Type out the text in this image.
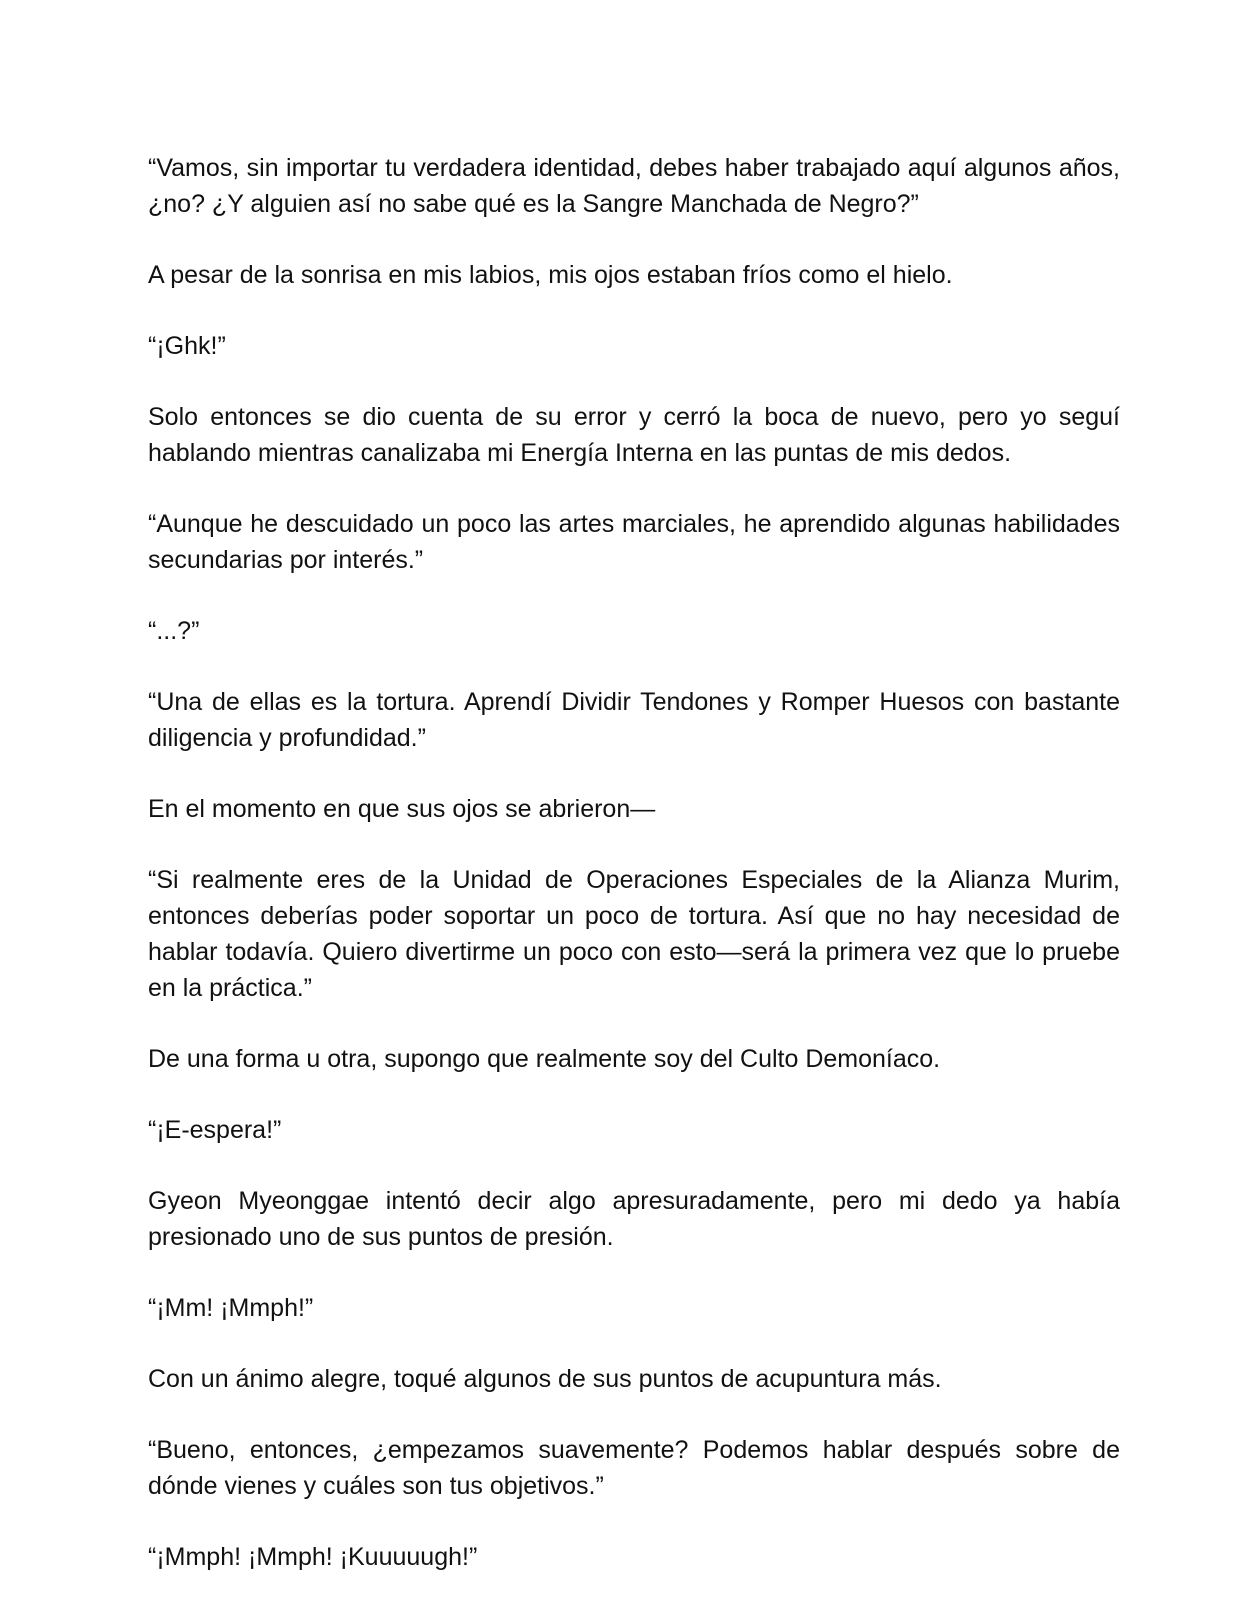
“Vamos, sin importar tu verdadera identidad, debes haber trabajado aquí algunos años, ¿no? ¿Y alguien así no sabe qué es la Sangre Manchada de Negro?”

A pesar de la sonrisa en mis labios, mis ojos estaban fríos como el hielo.

“¡Ghk!”

Solo entonces se dio cuenta de su error y cerró la boca de nuevo, pero yo seguí hablando mientras canalizaba mi Energía Interna en las puntas de mis dedos.

“Aunque he descuidado un poco las artes marciales, he aprendido algunas habilidades secundarias por interés.”

“...?”

“Una de ellas es la tortura. Aprendí Dividir Tendones y Romper Huesos con bastante diligencia y profundidad.”

En el momento en que sus ojos se abrieron—

“Si realmente eres de la Unidad de Operaciones Especiales de la Alianza Murim, entonces deberías poder soportar un poco de tortura. Así que no hay necesidad de hablar todavía. Quiero divertirme un poco con esto—será la primera vez que lo pruebe en la práctica.”

De una forma u otra, supongo que realmente soy del Culto Demoníaco.

“¡E-espera!”

Gyeon Myeonggae intentó decir algo apresuradamente, pero mi dedo ya había presionado uno de sus puntos de presión.

“¡Mm! ¡Mmph!”

Con un ánimo alegre, toqué algunos de sus puntos de acupuntura más.

“Bueno, entonces, ¿empezamos suavemente? Podemos hablar después sobre de dónde vienes y cuáles son tus objetivos.”

“¡Mmph! ¡Mmph! ¡Kuuuuugh!”
